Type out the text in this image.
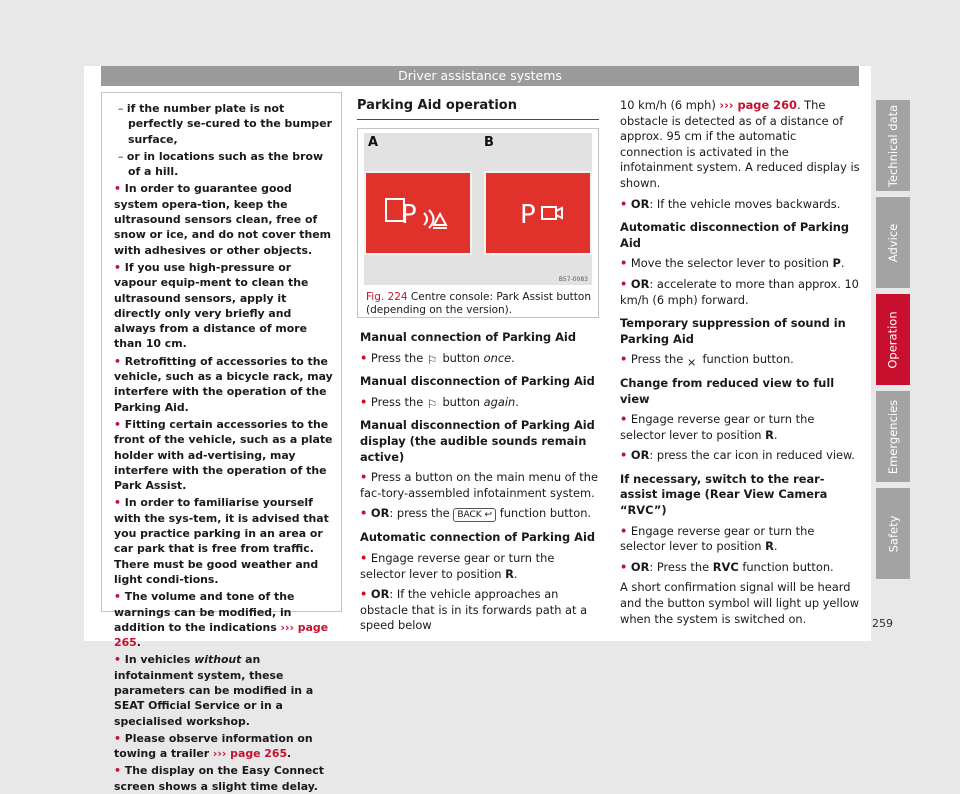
Driver assistance systems

– if the number plate is not perfectly se-cured to the bumper surface,

– or in locations such as the brow of a hill.

• In order to guarantee good system opera-tion, keep the ultrasound sensors clean, free of snow or ice, and do not cover them with adhesives or other objects.

• If you use high-pressure or vapour equip-ment to clean the ultrasound sensors, apply it directly only very briefly and always from a distance of more than 10 cm.

• Retrofitting of accessories to the vehicle, such as a bicycle rack, may interfere with the operation of the Parking Aid.

• Fitting certain accessories to the front of the vehicle, such as a plate holder with ad-vertising, may interfere with the operation of the Park Assist.

• In order to familiarise yourself with the sys-tem, it is advised that you practice parking in an area or car park that is free from traffic. There must be good weather and light condi-tions.

• The volume and tone of the warnings can be modified, in addition to the indications ››› page 265.

• In vehicles without an infotainment system, these parameters can be modified in a SEAT Official Service or in a specialised workshop.

• Please observe information on towing a trailer ››› page 265.

• The display on the Easy Connect screen shows a slight time delay.

Parking Aid operation
A	B
P	P
B57-0083
Fig. 224 Centre console: Park Assist button (depending on the version).

Manual connection of Parking Aid

• Press the ⚐ button once.

Manual disconnection of Parking Aid

• Press the ⚐ button again.

Manual disconnection of Parking Aid display (the audible sounds remain active)

• Press a button on the main menu of the fac-tory-assembled infotainment system.

• OR: press the BACK ↩ function button.

Automatic connection of Parking Aid

• Engage reverse gear or turn the selector lever to position R.

• OR: If the vehicle approaches an obstacle that is in its forwards path at a speed below

10 km/h (6 mph) ››› page 260. The obstacle is detected as of a distance of approx. 95 cm if the automatic connection is activated in the infotainment system. A reduced display is shown.

• OR: If the vehicle moves backwards.

Automatic disconnection of Parking Aid

• Move the selector lever to position P.

• OR: accelerate to more than approx. 10 km/h (6 mph) forward.

Temporary suppression of sound in Parking Aid

• Press the ⨯ function button.

Change from reduced view to full view

• Engage reverse gear or turn the selector lever to position R.

• OR: press the car icon in reduced view.

If necessary, switch to the rear-assist image (Rear View Camera “RVC”)

• Engage reverse gear or turn the selector lever to position R.

• OR: Press the RVC function button.

A short confirmation signal will be heard and the button symbol will light up yellow when the system is switched on.

Technical data
Advice
Operation
Emergencies
Safety
259
